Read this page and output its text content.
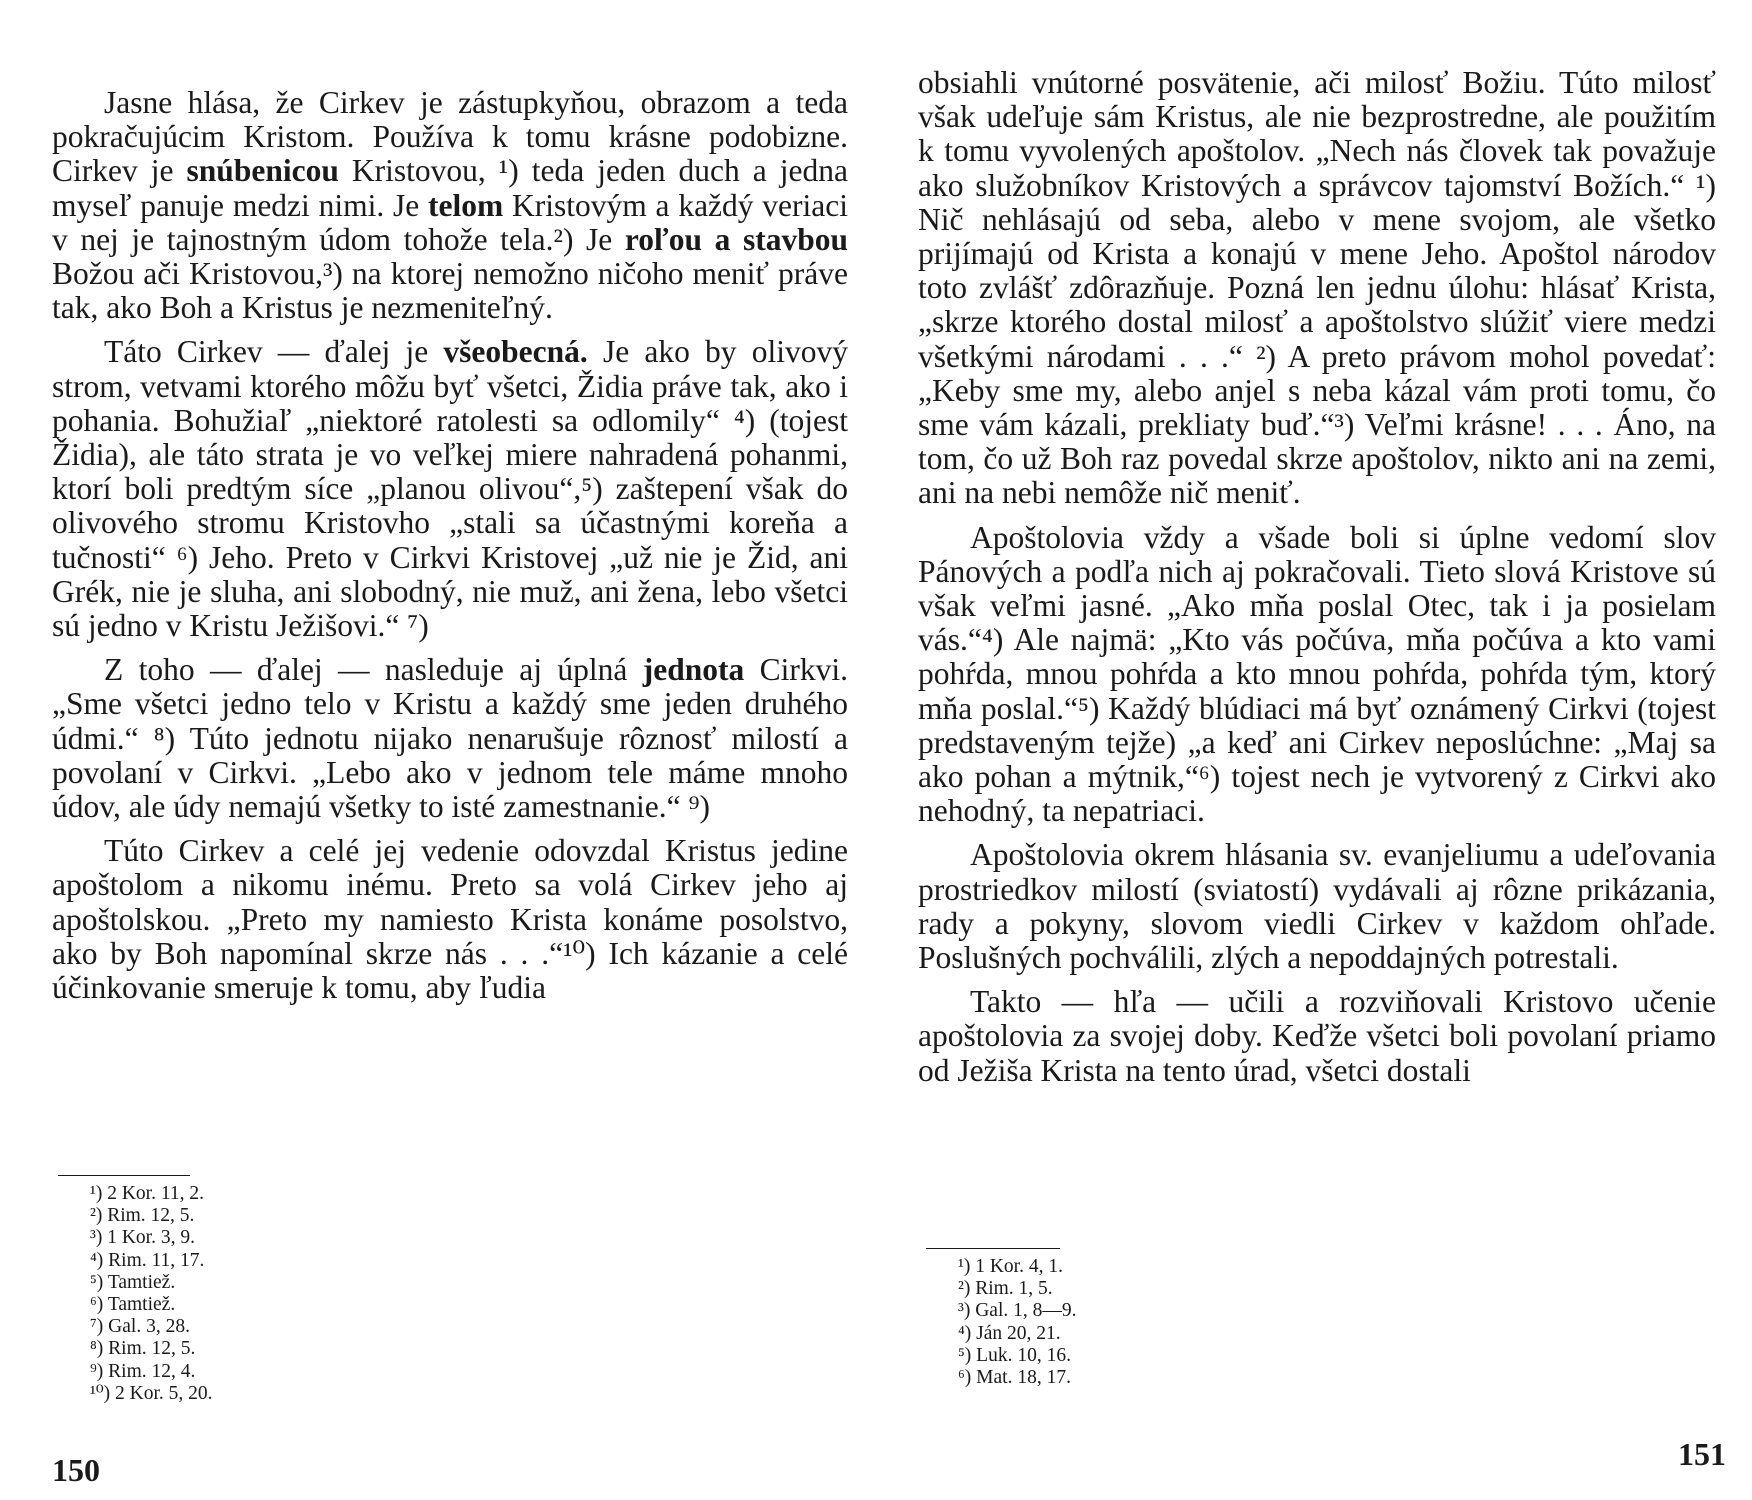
Jasne hlása, že Cirkev je zástupkyňou, obrazom a teda pokračujúcim Kristom. Používa k tomu krásne podobizne. Cirkev je snúbenicou Kristovou, ¹) teda jeden duch a jedna myseľ panuje medzi nimi. Je telom Kristovým a každý veriaci v nej je tajnostným údom tohože tela.²) Je roľou a stavbou Božou ači Kristovou,³) na ktorej nemožno ničoho meniť práve tak, ako Boh a Kristus je nezmeniteľný.

Táto Cirkev — ďalej je všeobecná. Je ako by olivový strom, vetvami ktorého môžu byť všetci, Židia práve tak, ako i pohania. Bohužiaľ „niektoré ratolesti sa odlomily“ ⁴) (tojest Židia), ale táto strata je vo veľkej miere nahradená pohanmi, ktorí boli predtým síce „planou olivou“,⁵) zaštepení však do olivového stromu Kristovho „stali sa účastnými koreňa a tučnosti“ ⁶) Jeho. Preto v Cirkvi Kristovej „už nie je Žid, ani Grék, nie je sluha, ani slobodný, nie muž, ani žena, lebo všetci sú jedno v Kristu Ježišovi.“ ⁷)

Z toho — ďalej — nasleduje aj úplná jednota Cirkvi. „Sme všetci jedno telo v Kristu a každý sme jeden druhého údmi.“ ⁸) Túto jednotu nijako nenarušuje rôznosť milostí a povolaní v Cirkvi. „Lebo ako v jednom tele máme mnoho údov, ale údy nemajú všetky to isté zamestnanie.“ ⁹)

Túto Cirkev a celé jej vedenie odovzdal Kristus jedine apoštolom a nikomu inému. Preto sa volá Cirkev jeho aj apoštolskou. „Preto my namiesto Krista konáme posolstvo, ako by Boh napomínal skrze nás . . .“¹⁰) Ich kázanie a celé účinkovanie smeruje k tomu, aby ľudia

¹) 2 Kor. 11, 2.
²) Rim. 12, 5.
³) 1 Kor. 3, 9.
⁴) Rim. 11, 17.
⁵) Tamtiež.
⁶) Tamtiež.
⁷) Gal. 3, 28.
⁸) Rim. 12, 5.
⁹) Rim. 12, 4.
¹⁰) 2 Kor. 5, 20.
150

obsiahli vnútorné posvätenie, ači milosť Božiu. Túto milosť však udeľuje sám Kristus, ale nie bezprostredne, ale použitím k tomu vyvolených apoštolov. „Nech nás človek tak považuje ako služobníkov Kristových a správcov tajomství Božích.“ ¹) Nič nehlásajú od seba, alebo v mene svojom, ale všetko prijímajú od Krista a konajú v mene Jeho. Apoštol národov toto zvlášť zdôrazňuje. Pozná len jednu úlohu: hlásať Krista, „skrze ktorého dostal milosť a apoštolstvo slúžiť viere medzi všetkými národami . . .“ ²) A preto právom mohol povedať: „Keby sme my, alebo anjel s neba kázal vám proti tomu, čo sme vám kázali, prekliaty buď.“³) Veľmi krásne! . . . Áno, na tom, čo už Boh raz povedal skrze apoštolov, nikto ani na zemi, ani na nebi nemôže nič meniť.

Apoštolovia vždy a všade boli si úplne vedomí slov Pánových a podľa nich aj pokračovali. Tieto slová Kristove sú však veľmi jasné. „Ako mňa poslal Otec, tak i ja posielam vás.“⁴) Ale najmä: „Kto vás počúva, mňa počúva a kto vami pohŕda, mnou pohŕda a kto mnou pohŕda, pohŕda tým, ktorý mňa poslal.“⁵) Každý blúdiaci má byť oznámený Cirkvi (tojest predstaveným tejže) „a keď ani Cirkev neposlúchne: „Maj sa ako pohan a mýtnik,“⁶) tojest nech je vytvorený z Cirkvi ako nehodný, ta nepatriaci.

Apoštolovia okrem hlásania sv. evanjeliumu a udeľovania prostriedkov milostí (sviatostí) vydávali aj rôzne prikázania, rady a pokyny, slovom viedli Cirkev v každom ohľade. Poslušných pochválili, zlých a nepoddajných potrestali.

Takto — hľa — učili a rozviňovali Kristovo učenie apoštolovia za svojej doby. Keďže všetci boli povolaní priamo od Ježiša Krista na tento úrad, všetci dostali

¹) 1 Kor. 4, 1.
²) Rim. 1, 5.
³) Gal. 1, 8—9.
⁴) Ján 20, 21.
⁵) Luk. 10, 16.
⁶) Mat. 18, 17.
151
